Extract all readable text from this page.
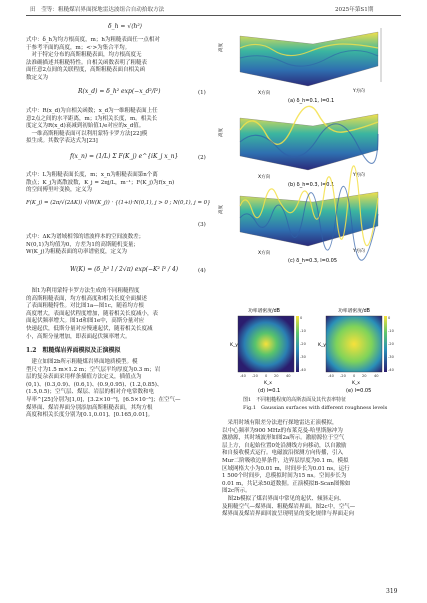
田　莹等：粗糙煤岩界面探地雷达波组合自动拾取方法	2025年第S1期
δ_h = √⟨h²⟩
式中：δ_h为均方根高度，m；h为粗糙表面任一点相对
于参考平面的高度，m；<·>为集合平均。
　对于特定分布的高斯粗糙表面，均方根高度无
法准确描述其粗糙特性。自相关函数表明了粗糙表
面任意2点间的关联程度，高斯粗糙表面自相关函
数定义为
R(x_d) = δ_h² exp(−x_d²/l²)	(1)
式中：R(x_d)为自相关函数；x_d为一维粗糙表面上任
意2点之间的水平距离，m；l为相关长度，m。相关长
度定义为R(x_d)衰减到初始值1/e对应的x_d值。
　一维高斯粗糙表面可以利用蒙特卡罗方法[22]模
拟生成。其数学表达式为[23]
f(x_n) = (1/L) Σ F(K_j) e^{iK_j x_n}	(2)
式中：L为粗糙表面长度，m；x_n为粗糙表面第n个离
散点；K_j为离散波数，K_j = 2πj/L，m⁻¹；F(K_j)为f(x_n)
的空间傅里叶变换，定义为
F(K_j) = (2π/√(2ΔK)) √(W(K_j)) · {(1+i)·N(0,1), j > 0 ; N(0,1), j = 0}
(3)
式中：ΔK为谱域相邻的谱波样本的空间波数差；
N(0,1)为均值为0，方差为1的高斯随机变量；
W(K_j)为粗糙表面的功率谱密度，定义为
W(K) = (δ_h² l / 2√π) exp(−K² l² / 4)	(4)
　图1为利用蒙特卡罗方法生成的不同粗糙程度
的高斯粗糙表面，均方根高度和相关长度全面描述
了表面粗糙特性。对比图1a—图1c，随着均方根
高度增大，表面起伏程度增加，随着相关长度减小，表
面起伏频率增大。图1d和图1e中，高斯分量对应
快速起伏，低斯分量对应慢速起伏，随着相关长度减
小，高斯分量增加，即表面起伏频率增大。
1.2　粗糙煤岩界面模拟及正演模拟
　建立如图2b所示粗糙煤岩界面地质模型。模
型尺寸为1.5 m×1.2 m；空气层平均厚度为0.3 m；岩
层的复杂表面采用样条插值方法定义，插值点为
(0,1)、(0.3,0.9)、(0.6,1)、(0.9,0.95)、(1.2,0.85)、
(1.5,0.5)；空气层、煤层、岩层的相对介电常数和电
导率^[25]分别为[1,0]，[3.2×10⁻⁵]，[6.5×10⁻⁵]；在空气—
煤界面、煤岩界面分别添加高斯粗糙表面，其均方根
高度和相关长度分别为[0.1,0.01]、[0.165,0.01]。
高度
X方向	Y方向
(a) δ_h=0.1, l=0.1
高度
X方向	Y方向
(b) δ_h=0.3, l=0.1
高度
X方向	Y方向
(c) δ_h=0.3, l=0.05
功率谱密度/dB	功率谱密度/dB
-40 -20 0 20 40	-40 -20 0 20 40
0
-10
-20
-30
-40
0
-10
-20
-30
-40
K_y	K_y
K_x	K_x
(d) l=0.1	(e) l=0.05
图1　不同粗糙程度的高斯表面及其代表率特征
Fig.1　Gaussian surfaces with different roughness levels
　采用时域有限差分法进行探地雷达正演模拟，
以中心频率为900 MHz的布莱克曼-哈里斯脉冲为
激励源，其时域波形如图2a所示。激励源位于空气
层上方，自起始位置0处沿测线方向移动，以自激励
和自接收模式运行。电磁波沿探测方向传播，引入
Mur二阶吸收边界条件，边界层厚度为0.1 m。模拟
区域网格大小为0.01 m，时间步长为0.01 ns，运行
1 500个时间步，总模拟时间为15 ns。空间步长为
0.01 m，共记录50道数据。正演模拟B-Scan图像如
图2c所示。
　图2b模拟了煤岩界面中常见的起伏、倾斜走向、
及粗糙空气—煤界面、粗糙煤岩界面。图2c中，空气—
煤界面及煤岩界面回波呈现明显的变化规律与界面走向
319
